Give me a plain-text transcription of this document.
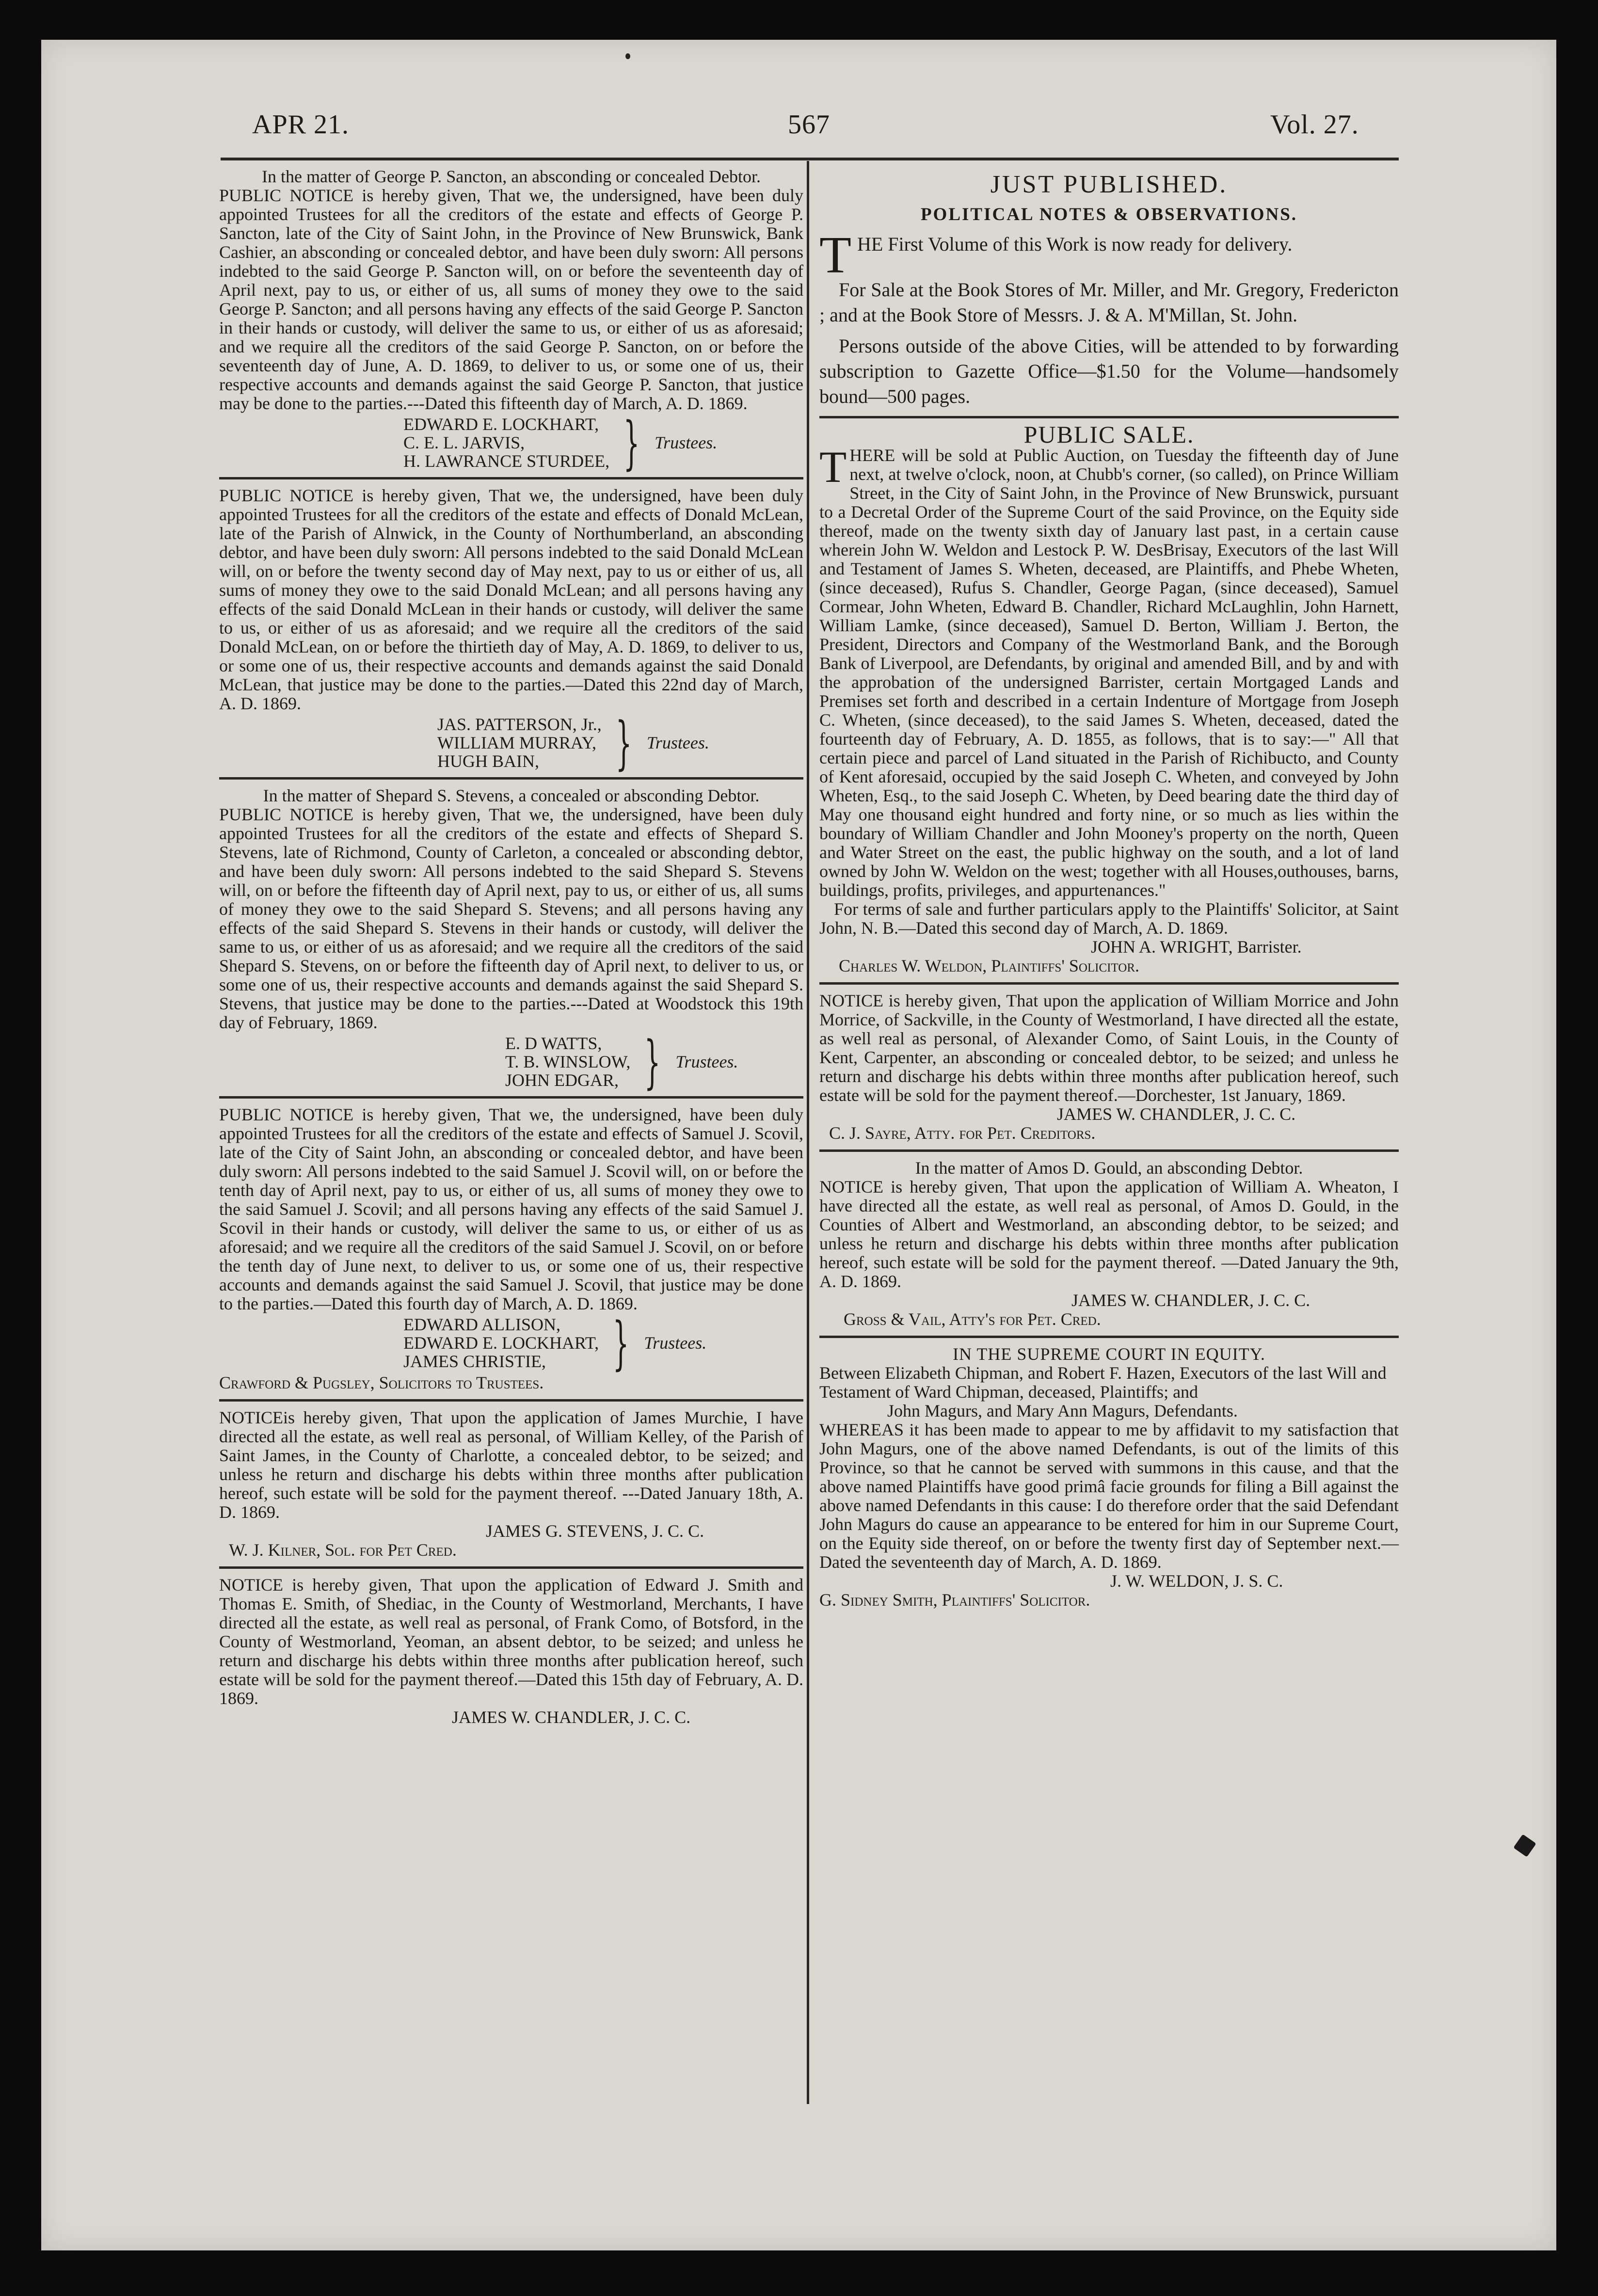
APR 21.	567	Vol. 27.
In the matter of George P. Sancton, an absconding or concealed Debtor.
PUBLIC NOTICE is hereby given, That we, the undersigned, have been duly appointed Trustees for all the creditors of the estate and effects of George P. Sancton, late of the City of Saint John, in the Province of New Brunswick, Bank Cashier, an absconding or concealed debtor, and have been duly sworn: All persons indebted to the said George P. Sancton will, on or before the seventeenth day of April next, pay to us, or either of us, all sums of money they owe to the said George P. Sancton; and all persons having any effects of the said George P. Sancton in their hands or custody, will deliver the same to us, or either of us as aforesaid; and we require all the creditors of the said George P. Sancton, on or before the seventeenth day of June, A. D. 1869, to deliver to us, or some one of us, their respective accounts and demands against the said George P. Sancton, that justice may be done to the parties.---Dated this fifteenth day of March, A. D. 1869.
EDWARD E. LOCKHART,
C. E. L. JARVIS,
H. LAWRANCE STURDEE, } Trustees.
PUBLIC NOTICE is hereby given, That we, the undersigned, have been duly appointed Trustees for all the creditors of the estate and effects of Donald McLean, late of the Parish of Alnwick, in the County of Northumberland, an absconding debtor, and have been duly sworn: All persons indebted to the said Donald McLean will, on or before the twenty second day of May next, pay to us or either of us, all sums of money they owe to the said Donald McLean; and all persons having any effects of the said Donald McLean in their hands or custody, will deliver the same to us, or either of us as aforesaid; and we require all the creditors of the said Donald McLean, on or before the thirtieth day of May, A. D. 1869, to deliver to us, or some one of us, their respective accounts and demands against the said Donald McLean, that justice may be done to the parties.—Dated this 22nd day of March, A. D. 1869.
JAS. PATTERSON, Jr.,
WILLIAM MURRAY,
HUGH BAIN,	} Trustees.
In the matter of Shepard S. Stevens, a concealed or absconding Debtor.
PUBLIC NOTICE is hereby given, That we, the undersigned, have been duly appointed Trustees for all the creditors of the estate and effects of Shepard S. Stevens, late of Richmond, County of Carleton, a concealed or absconding debtor, and have been duly sworn: All persons indebted to the said Shepard S. Stevens will, on or before the fifteenth day of April next, pay to us, or either of us, all sums of money they owe to the said Shepard S. Stevens; and all persons having any effects of the said Shepard S. Stevens in their hands or custody, will deliver the same to us, or either of us as aforesaid; and we require all the creditors of the said Shepard S. Stevens, on or before the fifteenth day of April next, to deliver to us, or some one of us, their respective accounts and demands against the said Shepard S. Stevens, that justice may be done to the parties.---Dated at Woodstock this 19th day of February, 1869.
E. D WATTS,
T. B. WINSLOW,
JOHN EDGAR, } Trustees.
PUBLIC NOTICE is hereby given, That we, the undersigned, have been duly appointed Trustees for all the creditors of the estate and effects of Samuel J. Scovil, late of the City of Saint John, an absconding or concealed debtor, and have been duly sworn: All persons indebted to the said Samuel J. Scovil will, on or before the tenth day of April next, pay to us, or either of us, all sums of money they owe to the said Samuel J. Scovil; and all persons having any effects of the said Samuel J. Scovil in their hands or custody, will deliver the same to us, or either of us as aforesaid; and we require all the creditors of the said Samuel J. Scovil, on or before the tenth day of June next, to deliver to us, or some one of us, their respective accounts and demands against the said Samuel J. Scovil, that justice may be done to the parties.—Dated this fourth day of March, A. D. 1869.
EDWARD ALLISON,
EDWARD E. LOCKHART,
JAMES CHRISTIE,	} Trustees.
Crawford & Pugsley, Solicitors to Trustees.
NOTICEis hereby given, That upon the application of James Murchie, I have directed all the estate, as well real as personal, of William Kelley, of the Parish of Saint James, in the County of Charlotte, a concealed debtor, to be seized; and unless he return and discharge his debts within three months after publication hereof, such estate will be sold for the payment thereof. ---Dated January 18th, A. D. 1869.
JAMES G. STEVENS, J. C. C.
W. J. Kilner, Sol. for Pet Cred.
NOTICE is hereby given, That upon the application of Edward J. Smith and Thomas E. Smith, of Shediac, in the County of Westmorland, Merchants, I have directed all the estate, as well real as personal, of Frank Como, of Botsford, in the County of Westmorland, Yeoman, an absent debtor, to be seized; and unless he return and discharge his debts within three months after publication hereof, such estate will be sold for the payment thereof.—Dated this 15th day of February, A. D. 1869.
JAMES W. CHANDLER, J. C. C.
JUST PUBLISHED.
POLITICAL NOTES & OBSERVATIONS.

THE First Volume of this Work is now ready for delivery.

For Sale at the Book Stores of Mr. Miller, and Mr. Gregory, Fredericton ; and at the Book Store of Messrs. J. & A. M'Millan, St. John.

Persons outside of the above Cities, will be attended to by forwarding subscription to Gazette Office—$1.50 for the Volume—handsomely bound—500 pages.

PUBLIC SALE.
THERE will be sold at Public Auction, on Tuesday the fifteenth day of June next, at twelve o'clock, noon, at Chubb's corner, (so called), on Prince William Street, in the City of Saint John, in the Province of New Brunswick, pursuant to a Decretal Order of the Supreme Court of the said Province, on the Equity side thereof, made on the twenty sixth day of January last past, in a certain cause wherein John W. Weldon and Lestock P. W. DesBrisay, Executors of the last Will and Testament of James S. Wheten, deceased, are Plaintiffs, and Phebe Wheten, (since deceased), Rufus S. Chandler, George Pagan, (since deceased), Samuel Cormear, John Wheten, Edward B. Chandler, Richard McLaughlin, John Harnett, William Lamke, (since deceased), Samuel D. Berton, William J. Berton, the President, Directors and Company of the Westmorland Bank, and the Borough Bank of Liverpool, are Defendants, by original and amended Bill, and by and with the approbation of the undersigned Barrister, certain Mortgaged Lands and Premises set forth and described in a certain Indenture of Mortgage from Joseph C. Wheten, (since deceased), to the said James S. Wheten, deceased, dated the fourteenth day of February, A. D. 1855, as follows, that is to say:—" All that certain piece and parcel of Land situated in the Parish of Richibucto, and County of Kent aforesaid, occupied by the said Joseph C. Wheten, and conveyed by John Wheten, Esq., to the said Joseph C. Wheten, by Deed bearing date the third day of May one thousand eight hundred and forty nine, or so much as lies within the boundary of William Chandler and John Mooney's property on the north, Queen and Water Street on the east, the public highway on the south, and a lot of land owned by John W. Weldon on the west; together with all Houses,outhouses, barns, buildings, profits, privileges, and appurtenances."
For terms of sale and further particulars apply to the Plaintiffs' Solicitor, at Saint John, N. B.—Dated this second day of March, A. D. 1869.
JOHN A. WRIGHT, Barrister.
Charles W. Weldon, Plaintiffs' Solicitor.
NOTICE is hereby given, That upon the application of William Morrice and John Morrice, of Sackville, in the County of Westmorland, I have directed all the estate, as well real as personal, of Alexander Como, of Saint Louis, in the County of Kent, Carpenter, an absconding or concealed debtor, to be seized; and unless he return and discharge his debts within three months after publication hereof, such estate will be sold for the payment thereof.—Dorchester, 1st January, 1869.
JAMES W. CHANDLER, J. C. C.
C. J. Sayre, Atty. for Pet. Creditors.
In the matter of Amos D. Gould, an absconding Debtor.
NOTICE is hereby given, That upon the application of William A. Wheaton, I have directed all the estate, as well real as personal, of Amos D. Gould, in the Counties of Albert and Westmorland, an absconding debtor, to be seized; and unless he return and discharge his debts within three months after publication hereof, such estate will be sold for the payment thereof. —Dated January the 9th, A. D. 1869.
JAMES W. CHANDLER, J. C. C.
Gross & Vail, Atty's for Pet. Cred.
IN THE SUPREME COURT IN EQUITY.
Between Elizabeth Chipman, and Robert F. Hazen, Executors of the last Will and Testament of Ward Chipman, deceased, Plaintiffs; and
John Magurs, and Mary Ann Magurs, Defendants.
WHEREAS it has been made to appear to me by affidavit to my satisfaction that John Magurs, one of the above named Defendants, is out of the limits of this Province, so that he cannot be served with summons in this cause, and that the above named Plaintiffs have good primâ facie grounds for filing a Bill against the above named Defendants in this cause: I do therefore order that the said Defendant John Magurs do cause an appearance to be entered for him in our Supreme Court, on the Equity side thereof, on or before the twenty first day of September next.—Dated the seventeenth day of March, A. D. 1869.
J. W. WELDON, J. S. C.
G. Sidney Smith, Plaintiffs' Solicitor.
